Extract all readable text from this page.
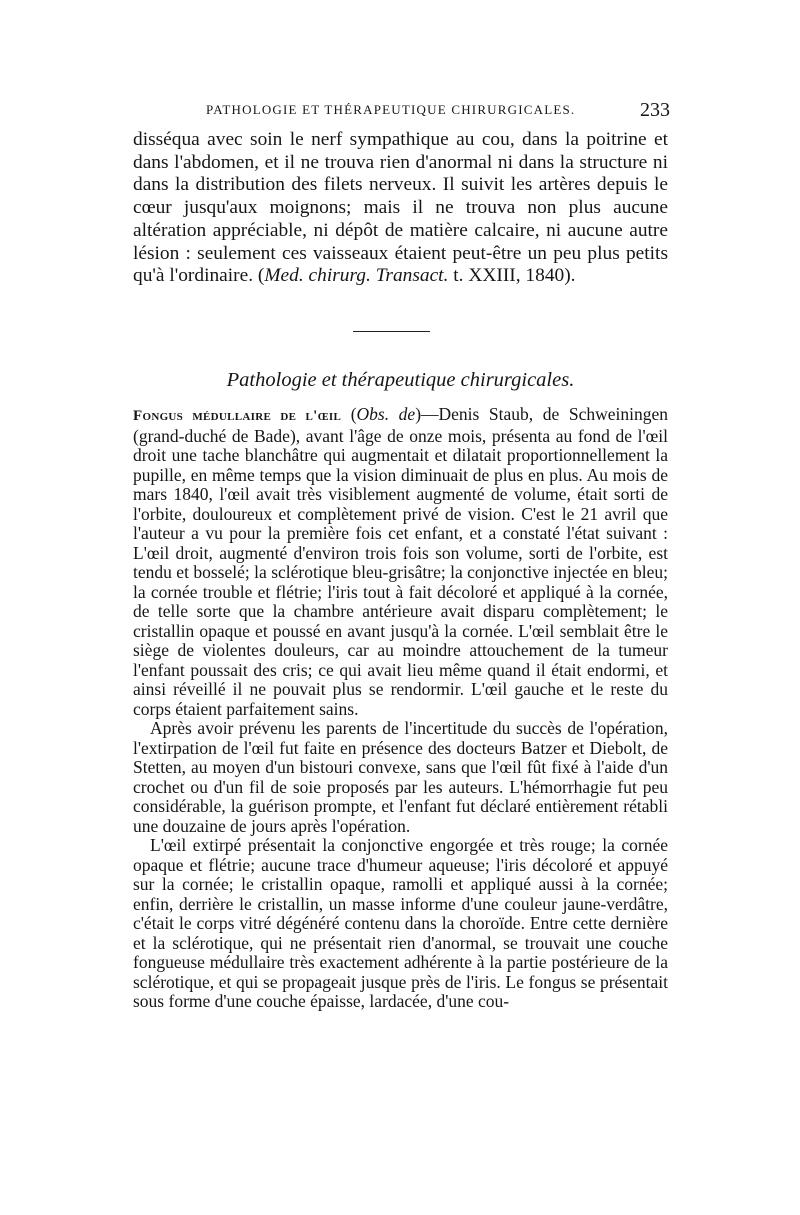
PATHOLOGIE ET THÉRAPEUTIQUE CHIRURGICALES.	233

disséqua avec soin le nerf sympathique au cou, dans la poitrine et dans l'abdomen, et il ne trouva rien d'anormal ni dans la structure ni dans la distribution des filets nerveux. Il suivit les artères depuis le cœur jusqu'aux moignons; mais il ne trouva non plus aucune altération appréciable, ni dépôt de matière calcaire, ni aucune autre lésion : seulement ces vaisseaux étaient peut-être un peu plus petits qu'à l'ordinaire. (Med. chirurg. Transact. t. XXIII, 1840).

Pathologie et thérapeutique chirurgicales.

Fongus médullaire de l'œil (Obs. de)—Denis Staub, de Schweiningen (grand-duché de Bade), avant l'âge de onze mois, présenta au fond de l'œil droit une tache blanchâtre qui augmentait et dilatait proportionnellement la pupille, en même temps que la vision diminuait de plus en plus. Au mois de mars 1840, l'œil avait très visiblement augmenté de volume, était sorti de l'orbite, douloureux et complètement privé de vision. C'est le 21 avril que l'auteur a vu pour la première fois cet enfant, et a constaté l'état suivant : L'œil droit, augmenté d'environ trois fois son volume, sorti de l'orbite, est tendu et bosselé; la sclérotique bleu-grisâtre; la conjonctive injectée en bleu; la cornée trouble et flétrie; l'iris tout à fait décoloré et appliqué à la cornée, de telle sorte que la chambre antérieure avait disparu complètement; le cristallin opaque et poussé en avant jusqu'à la cornée. L'œil semblait être le siège de violentes douleurs, car au moindre attouchement de la tumeur l'enfant poussait des cris; ce qui avait lieu même quand il était endormi, et ainsi réveillé il ne pouvait plus se rendormir. L'œil gauche et le reste du corps étaient parfaitement sains.

Après avoir prévenu les parents de l'incertitude du succès de l'opération, l'extirpation de l'œil fut faite en présence des docteurs Batzer et Diebolt, de Stetten, au moyen d'un bistouri convexe, sans que l'œil fût fixé à l'aide d'un crochet ou d'un fil de soie proposés par les auteurs. L'hémorrhagie fut peu considérable, la guérison prompte, et l'enfant fut déclaré entièrement rétabli une douzaine de jours après l'opération.

L'œil extirpé présentait la conjonctive engorgée et très rouge; la cornée opaque et flétrie; aucune trace d'humeur aqueuse; l'iris décoloré et appuyé sur la cornée; le cristallin opaque, ramolli et appliqué aussi à la cornée; enfin, derrière le cristallin, un masse informe d'une couleur jaune-verdâtre, c'était le corps vitré dégénéré contenu dans la choroïde. Entre cette dernière et la sclérotique, qui ne présentait rien d'anormal, se trouvait une couche fongueuse médullaire très exactement adhérente à la partie postérieure de la sclérotique, et qui se propageait jusque près de l'iris. Le fongus se présentait sous forme d'une couche épaisse, lardacée, d'une cou-
